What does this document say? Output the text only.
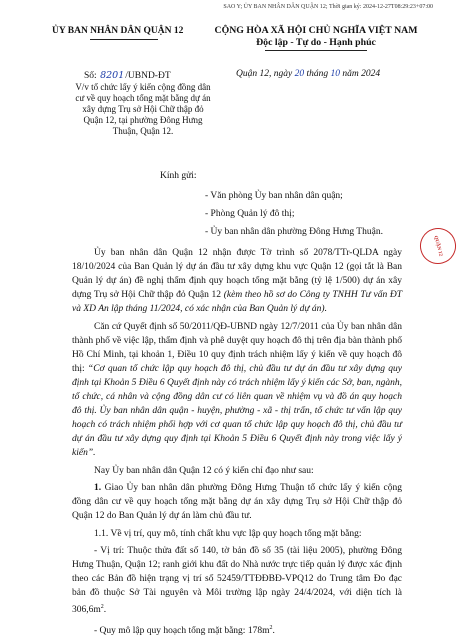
SAO Y; ỦY BAN NHÂN DÂN QUẬN 12; Thời gian ký: 2024-12-27T08:29:23+07:00
ỦY BAN NHÂN DÂN QUẬN 12	CỘNG HÒA XÃ HỘI CHỦ NGHĨA VIỆT NAM
Độc lập - Tự do - Hạnh phúc
Số: 8201/UBND-ĐT	Quận 12, ngày 20 tháng 10 năm 2024
V/v tổ chức lấy ý kiến cộng đồng dân cư về quy hoạch tổng mặt bằng dự án xây dựng Trụ sở Hội Chữ thập đỏ Quận 12, tại phường Đông Hưng Thuận, Quận 12.
Kính gửi:
- Văn phòng Ủy ban nhân dân quận;
- Phòng Quản lý đô thị;
- Ủy ban nhân dân phường Đông Hưng Thuận.
QUẬN 12

Ủy ban nhân dân Quận 12 nhận được Tờ trình số 2078/TTr-QLDA ngày 18/10/2024 của Ban Quản lý dự án đầu tư xây dựng khu vực Quận 12 (gọi tắt là Ban Quản lý dự án) đề nghị thẩm định quy hoạch tổng mặt bằng (tỷ lệ 1/500) dự án xây dựng Trụ sở Hội Chữ thập đỏ Quận 12 (kèm theo hồ sơ do Công ty TNHH Tư vấn ĐT và XD An lập tháng 11/2024, có xác nhận của Ban Quản lý dự án).

Căn cứ Quyết định số 50/2011/QĐ-UBND ngày 12/7/2011 của Ủy ban nhân dân thành phố về việc lập, thẩm định và phê duyệt quy hoạch đô thị trên địa bàn thành phố Hồ Chí Minh, tại khoản 1, Điều 10 quy định trách nhiệm lấy ý kiến về quy hoạch đô thị: “Cơ quan tổ chức lập quy hoạch đô thị, chủ đầu tư dự án đầu tư xây dựng quy định tại Khoản 5 Điều 6 Quyết định này có trách nhiệm lấy ý kiến các Sở, ban, ngành, tổ chức, cá nhân và cộng đồng dân cư có liên quan về nhiệm vụ và đồ án quy hoạch đô thị. Ủy ban nhân dân quận - huyện, phường - xã - thị trấn, tổ chức tư vấn lập quy hoạch có trách nhiệm phối hợp với cơ quan tổ chức lập quy hoạch đô thị, chủ đầu tư dự án đầu tư xây dựng quy định tại Khoản 5 Điều 6 Quyết định này trong việc lấy ý kiến”.

Nay Ủy ban nhân dân Quận 12 có ý kiến chỉ đạo như sau:

1. Giao Ủy ban nhân dân phường Đông Hưng Thuận tổ chức lấy ý kiến cộng đồng dân cư về quy hoạch tổng mặt bằng dự án xây dựng Trụ sở Hội Chữ thập đỏ Quận 12 do Ban Quản lý dự án làm chủ đầu tư.

1.1. Về vị trí, quy mô, tính chất khu vực lập quy hoạch tổng mặt bằng:

- Vị trí: Thuộc thửa đất số 140, tờ bản đồ số 35 (tài liệu 2005), phường Đông Hưng Thuận, Quận 12; ranh giới khu đất do Nhà nước trực tiếp quản lý được xác định theo các Bản đồ hiện trạng vị trí số 52459/TTĐĐBĐ-VPQ12 do Trung tâm Đo đạc bản đồ thuộc Sở Tài nguyên và Môi trường lập ngày 24/4/2024, với diện tích là $306,6m^2$.

- Quy mô lập quy hoạch tổng mặt bằng: $178m^2$.
